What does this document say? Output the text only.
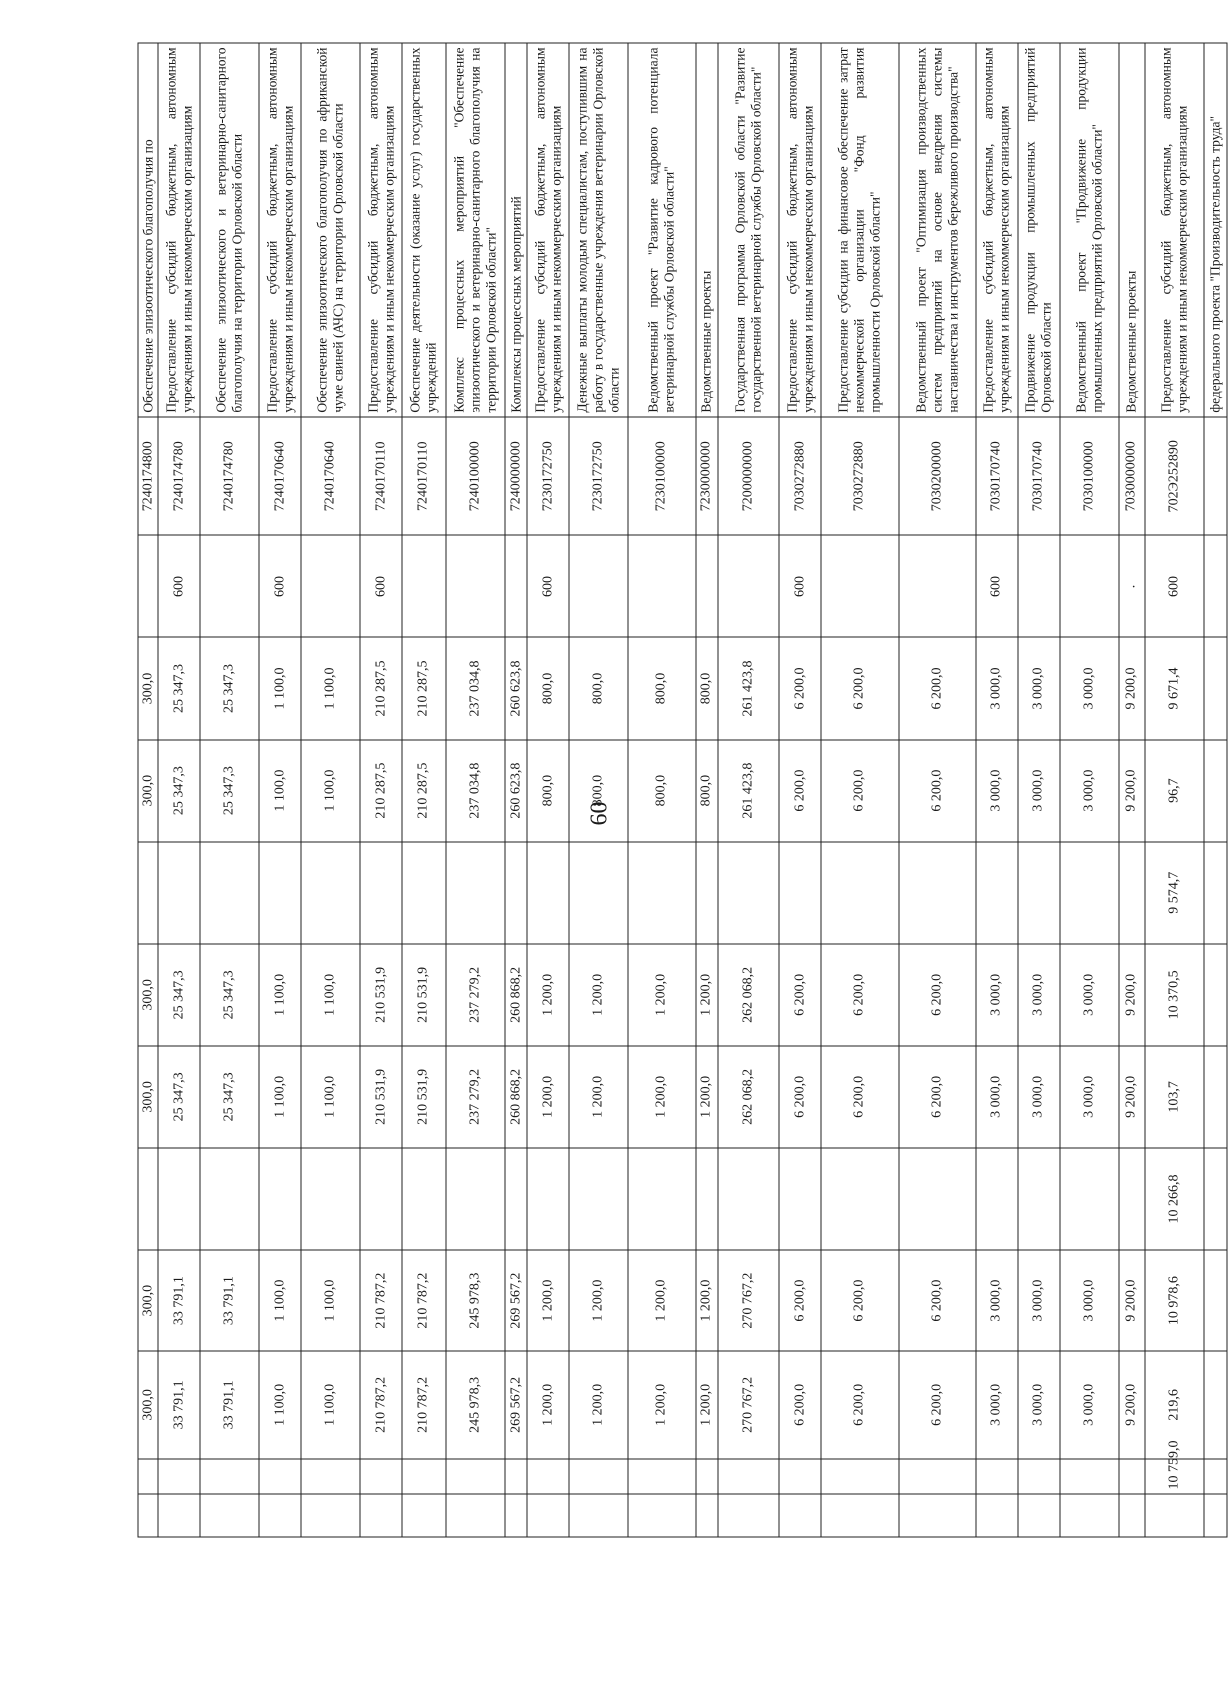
60
		300,0	300,0		300,0	300,0		300,0	300,0		7240174800	Обеспечение эпизоотического благополучия по
		33 791,1	33 791,1		25 347,3	25 347,3		25 347,3	25 347,3	600	7240174780	Предоставление субсидий бюджетным, автономным учреждениям и иным некоммерческим организациям
		33 791,1	33 791,1		25 347,3	25 347,3		25 347,3	25 347,3		7240174780	Обеспечение эпизоотического и ветеринарно-санитарного благополучия на территории Орловской области
		1 100,0	1 100,0		1 100,0	1 100,0		1 100,0	1 100,0	600	7240170640	Предоставление субсидий бюджетным, автономным учреждениям и иным некоммерческим организациям
		1 100,0	1 100,0		1 100,0	1 100,0		1 100,0	1 100,0		7240170640	Обеспечение эпизоотического благополучия по африканской чуме свиней (АЧС) на территории Орловской области
		210 787,2	210 787,2		210 531,9	210 531,9		210 287,5	210 287,5	600	7240170110	Предоставление субсидий бюджетным, автономным учреждениям и иным некоммерческим организациям
		210 787,2	210 787,2		210 531,9	210 531,9		210 287,5	210 287,5		7240170110	Обеспечение деятельности (оказание услуг) государственных учреждений
		245 978,3	245 978,3		237 279,2	237 279,2		237 034,8	237 034,8		7240100000	Комплекс процессных мероприятий "Обеспечение эпизоотического и ветеринарно-санитарного благополучия на территории Орловской области"
		269 567,2	269 567,2		260 868,2	260 868,2		260 623,8	260 623,8		7240000000	Комплексы процессных мероприятий
		1 200,0	1 200,0		1 200,0	1 200,0		800,0	800,0	600	7230172750	Предоставление субсидий бюджетным, автономным учреждениям и иным некоммерческим организациям
		1 200,0	1 200,0		1 200,0	1 200,0		800,0	800,0		7230172750	Денежные выплаты молодым специалистам, поступившим на работу в государственные учреждения ветеринарии Орловской области
		1 200,0	1 200,0		1 200,0	1 200,0		800,0	800,0		7230100000	Ведомственный проект "Развитие кадрового потенциала ветеринарной службы Орловской области"
		1 200,0	1 200,0		1 200,0	1 200,0		800,0	800,0		7230000000	Ведомственные проекты
		270 767,2	270 767,2		262 068,2	262 068,2		261 423,8	261 423,8		7200000000	Государственная программа Орловской области "Развитие государственной ветеринарной службы Орловской области"
		6 200,0	6 200,0		6 200,0	6 200,0		6 200,0	6 200,0	600	7030272880	Предоставление субсидий бюджетным, автономным учреждениям и иным некоммерческим организациям
		6 200,0	6 200,0		6 200,0	6 200,0		6 200,0	6 200,0		7030272880	Предоставление субсидии на финансовое обеспечение затрат некоммерческой организации "Фонд развития промышленности Орловской области"
		6 200,0	6 200,0		6 200,0	6 200,0		6 200,0	6 200,0		7030200000	Ведомственный проект "Оптимизация производственных систем предприятий на основе внедрения системы наставничества и инструментов бережливого производства"
		3 000,0	3 000,0		3 000,0	3 000,0		3 000,0	3 000,0	600	7030170740	Предоставление субсидий бюджетным, автономным учреждениям и иным некоммерческим организациям
		3 000,0	3 000,0		3 000,0	3 000,0		3 000,0	3 000,0		7030170740	Продвижение продукции промышленных предприятий Орловской области
		3 000,0	3 000,0		3 000,0	3 000,0		3 000,0	3 000,0		7030100000	Ведомственный проект "Продвижение продукции промышленных предприятий Орловской области"
		9 200,0	9 200,0		9 200,0	9 200,0		9 200,0	9 200,0	.	7030000000	Ведомственные проекты
	10 759,0	219,6	10 978,6	10 266,8	103,7	10 370,5	9 574,7	96,7	9 671,4	600	702Э252890	Предоставление субсидий бюджетным, автономным учреждениям и иным некоммерческим организациям
												федерального проекта "Производительность труда"
